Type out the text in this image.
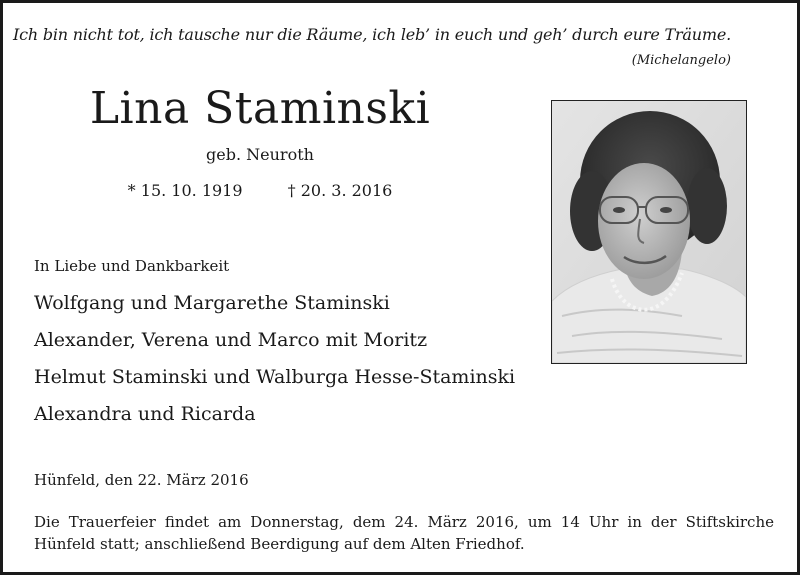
Ich bin nicht tot, ich tausche nur die Räume, ich leb’ in euch und geh’ durch eure Träume.
(Michelangelo)
Lina Staminski
geb. Neuroth
* 15. 10. 1919	† 20. 3. 2016
In Liebe und Dankbarkeit
Wolfgang und Margarethe Staminski
Alexander, Verena und Marco mit Moritz
Helmut Staminski und Walburga Hesse-Staminski
Alexandra und Ricarda
Hünfeld, den 22. März 2016
Die Trauerfeier findet am Donnerstag, dem 24. März 2016, um 14 Uhr in der Stiftskirche Hünfeld statt; anschließend Beerdigung auf dem Alten Friedhof.
